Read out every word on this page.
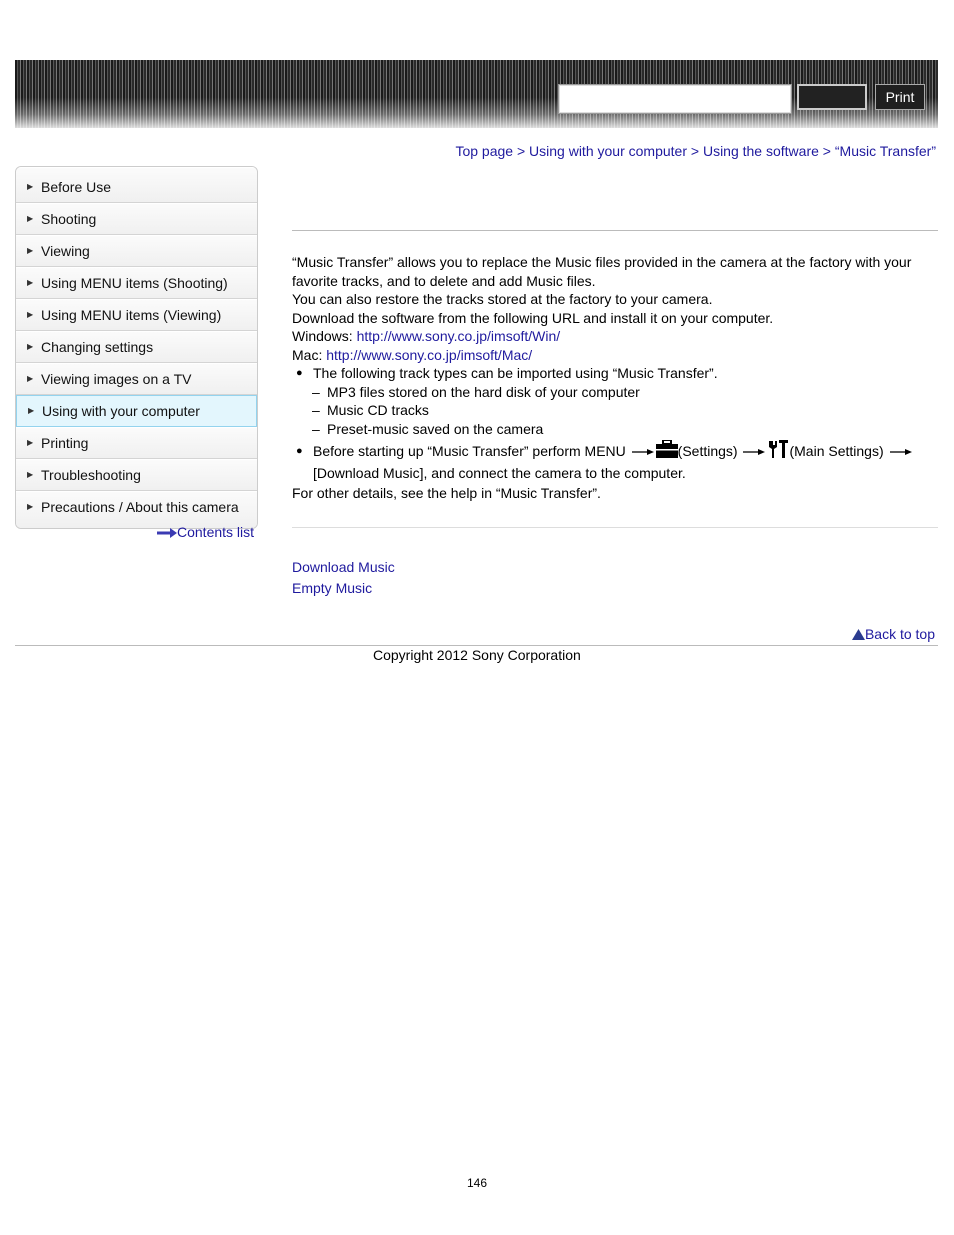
Print
Top page > Using with your computer > Using the software > “Music Transfer”
▶ Before Use
▶ Shooting
▶ Viewing
▶ Using MENU items (Shooting)
▶ Using MENU items (Viewing)
▶ Changing settings
▶ Viewing images on a TV
▶ Using with your computer
▶ Printing
▶ Troubleshooting
▶ Precautions / About this camera
Contents list

“Music Transfer” allows you to replace the Music files provided in the camera at the factory with your favorite tracks, and to delete and add Music files.

You can also restore the tracks stored at the factory to your camera.

Download the software from the following URL and install it on your computer.

Windows: http://www.sony.co.jp/imsoft/Win/

Mac: http://www.sony.co.jp/imsoft/Mac/

● The following track types can be imported using “Music Transfer”.
– MP3 files stored on the hard disk of your computer
– Music CD tracks
– Preset-music saved on the camera
● Before starting up “Music Transfer” perform MENU	(Settings)	(Main Settings)
[Download Music], and connect the camera to the computer.

For other details, see the help in “Music Transfer”.

Download Music
Empty Music
Back to top
Copyright 2012 Sony Corporation
146
